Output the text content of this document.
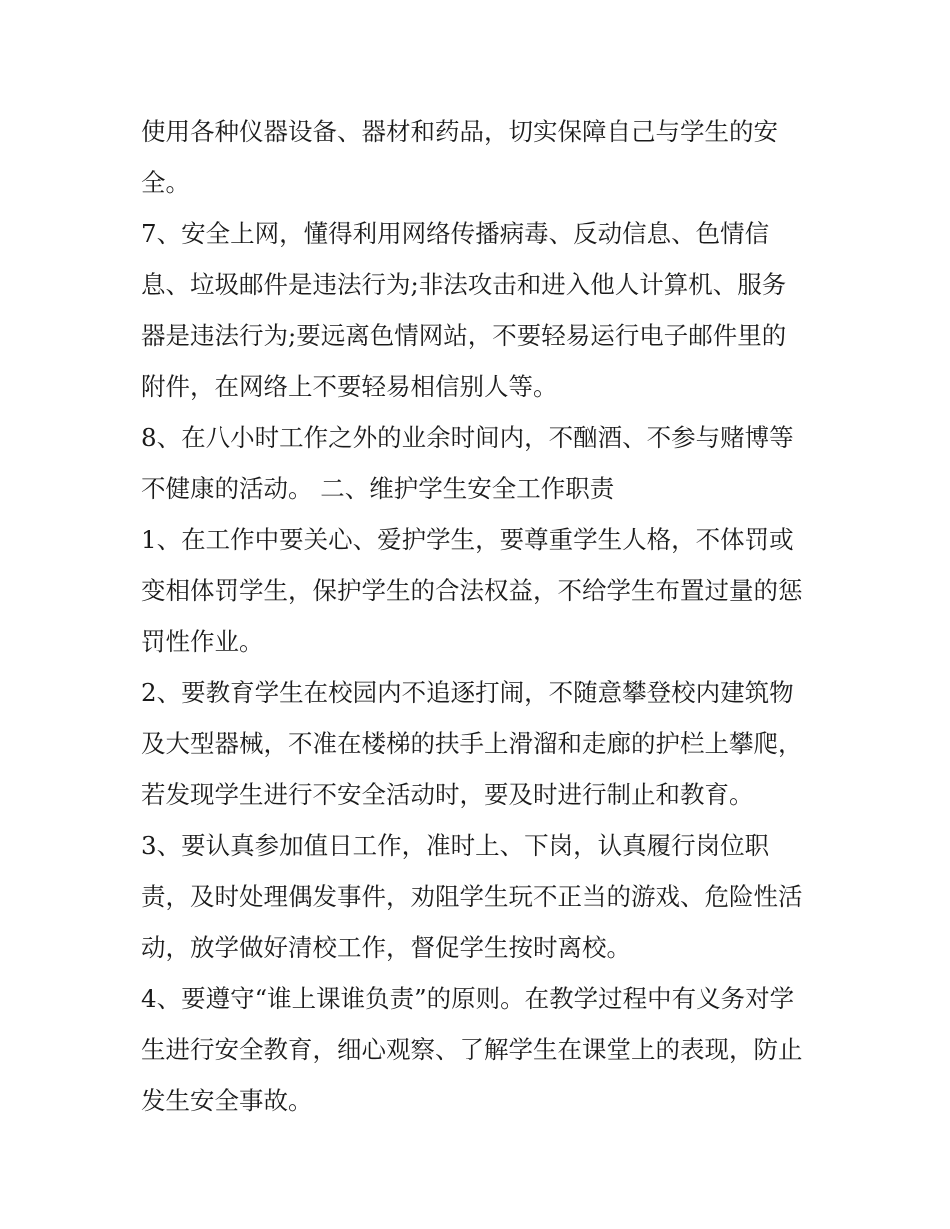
使用各种仪器设备、器材和药品，切实保障自己与学生的安
全。
7、安全上网，懂得利用网络传播病毒、反动信息、色情信
息、垃圾邮件是违法行为;非法攻击和进入他人计算机、服务
器是违法行为;要远离色情网站，不要轻易运行电子邮件里的
附件，在网络上不要轻易相信别人等。
8、在八小时工作之外的业余时间内，不酗酒、不参与赌博等
不健康的活动。 二、维护学生安全工作职责
1、在工作中要关心、爱护学生，要尊重学生人格，不体罚或
变相体罚学生，保护学生的合法权益，不给学生布置过量的惩
罚性作业。
2、要教育学生在校园内不追逐打闹，不随意攀登校内建筑物
及大型器械，不准在楼梯的扶手上滑溜和走廊的护栏上攀爬，
若发现学生进行不安全活动时，要及时进行制止和教育。
3、要认真参加值日工作，准时上、下岗，认真履行岗位职
责，及时处理偶发事件，劝阻学生玩不正当的游戏、危险性活
动，放学做好清校工作，督促学生按时离校。
4、要遵守“谁上课谁负责”的原则。在教学过程中有义务对学
生进行安全教育，细心观察、了解学生在课堂上的表现，防止
发生安全事故。
